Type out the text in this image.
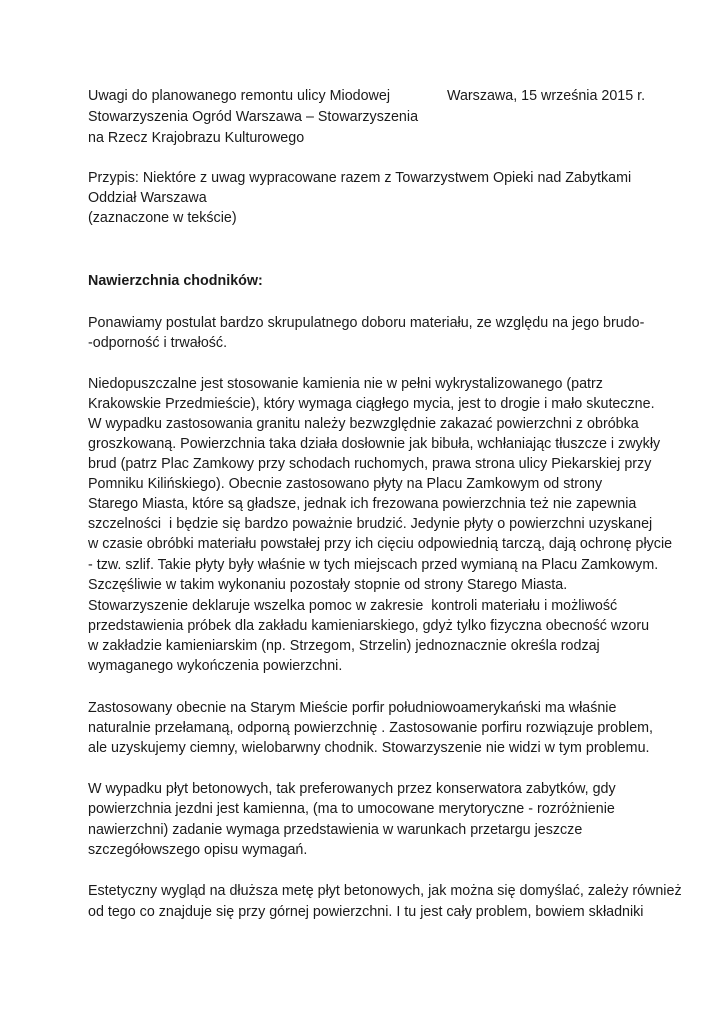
Uwagi do planowanego remontu ulicy Miodowej	Warszawa, 15 września 2015 r.
Stowarzyszenia Ogród Warszawa – Stowarzyszenia
na Rzecz Krajobrazu Kulturowego
Przypis: Niektóre z uwag wypracowane razem z Towarzystwem Opieki nad Zabytkami
Oddział Warszawa
(zaznaczone w tekście)
Nawierzchnia chodników:
Ponawiamy postulat bardzo skrupulatnego doboru materiału, ze względu na jego brudo-
-odporność i trwałość.
Niedopuszczalne jest stosowanie kamienia nie w pełni wykrystalizowanego (patrz
Krakowskie Przedmieście), który wymaga ciągłego mycia, jest to drogie i mało skuteczne.
W wypadku zastosowania granitu należy bezwzględnie zakazać powierzchni z obróbka
groszkowaną. Powierzchnia taka działa dosłownie jak bibuła, wchłaniając tłuszcze i zwykły
brud (patrz Plac Zamkowy przy schodach ruchomych, prawa strona ulicy Piekarskiej przy
Pomniku Kilińskiego). Obecnie zastosowano płyty na Placu Zamkowym od strony
Starego Miasta, które są gładsze, jednak ich frezowana powierzchnia też nie zapewnia
szczelności  i będzie się bardzo poważnie brudzić. Jedynie płyty o powierzchni uzyskanej
w czasie obróbki materiału powstałej przy ich cięciu odpowiednią tarczą, dają ochronę płycie
- tzw. szlif. Takie płyty były właśnie w tych miejscach przed wymianą na Placu Zamkowym.
Szczęśliwie w takim wykonaniu pozostały stopnie od strony Starego Miasta.
Stowarzyszenie deklaruje wszelka pomoc w zakresie  kontroli materiału i możliwość
przedstawienia próbek dla zakładu kamieniarskiego, gdyż tylko fizyczna obecność wzoru
w zakładzie kamieniarskim (np. Strzegom, Strzelin) jednoznacznie określa rodzaj
wymaganego wykończenia powierzchni.
Zastosowany obecnie na Starym Mieście porfir południowoamerykański ma właśnie
naturalnie przełamaną, odporną powierzchnię . Zastosowanie porfiru rozwiązuje problem,
ale uzyskujemy ciemny, wielobarwny chodnik. Stowarzyszenie nie widzi w tym problemu.
W wypadku płyt betonowych, tak preferowanych przez konserwatora zabytków, gdy
powierzchnia jezdni jest kamienna, (ma to umocowane merytoryczne - rozróżnienie
nawierzchni) zadanie wymaga przedstawienia w warunkach przetargu jeszcze
szczegółowszego opisu wymagań.
Estetyczny wygląd na dłuższa metę płyt betonowych, jak można się domyślać, zależy również
od tego co znajduje się przy górnej powierzchni. I tu jest cały problem, bowiem składniki
